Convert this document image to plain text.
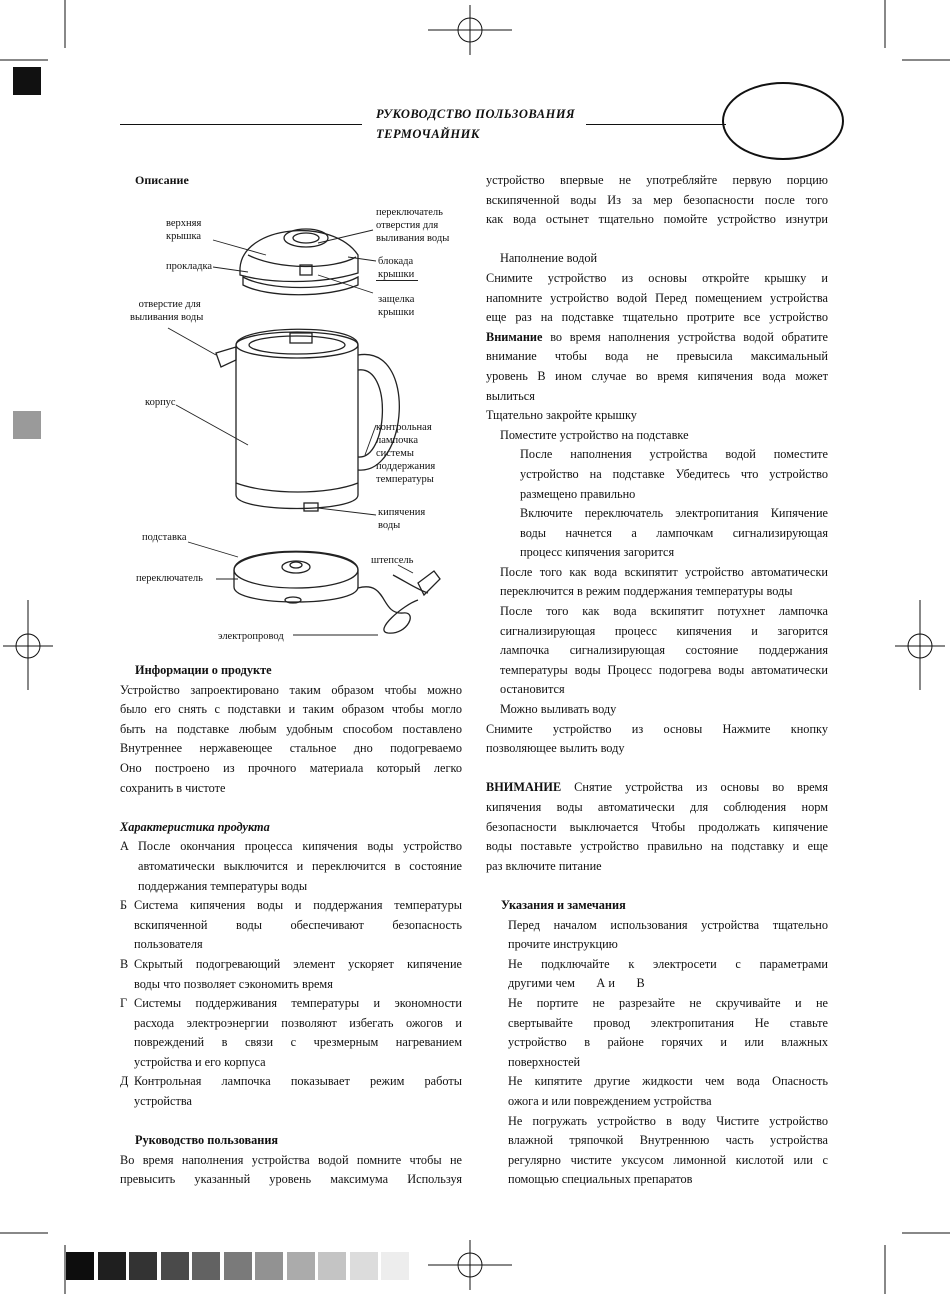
РУКОВОДСТВО ПОЛЬЗОВАНИЯ
ТЕРМОЧАЙНИК
Описание
верхняя
крышка
прокладка
отверстие для
выливания воды
корпус
подставка
переключатель
электропровод
переключатель
отверстия для
выливания воды
блокада
крышки
защелка
крышки
контрольная
лампочка
системы
поддержания
температуры
кипячения
воды
штепсель

Информации о продукте

Устройство запроектировано таким образом чтобы можно

было его снять с подставки и таким образом чтобы могло

быть на подставке любым удобным способом поставлено

Внутреннее нержавеющее стальное дно подогреваемо

Оно построено из прочного материала который легко

сохранить в чистоте

Характеристика продукта

А После окончания процесса кипячения воды устройство

автоматически выключится и переключится в состояние

поддержания температуры воды

Б Система кипячения воды и поддержания температуры

вскипяченной воды обеспечивают безопасность

пользователя

В Скрытый подогревающий элемент ускоряет кипячение

воды что позволяет сэкономить время

Г Системы поддерживания температуры и экономности

расхода электроэнергии позволяют избегать ожогов и

повреждений в связи с чрезмерным нагреванием

устройства и его корпуса

Д Контрольная лампочка показывает режим работы

устройства

Руководство пользования

Во время наполнения устройства водой помните чтобы не

превысить указанный уровень максимума Используя

устройство впервые не употребляйте первую порцию

вскипяченной воды Из за мер безопасности после того

как вода остынет тщательно помойте устройство изнутри

Наполнение водой

Снимите устройство из основы откройте крышку и

напомните устройство водой Перед помещением устройства

еще раз на подставке тщательно протрите все устройство

Внимание во время наполнения устройства водой обратите

внимание чтобы вода не превысила максимальный

уровень В ином случае во время кипячения вода может

вылиться

Тщательно закройте крышку

Поместите устройство на подставке

После наполнения устройства водой поместите

устройство на подставке Убедитесь что устройство

размещено правильно

Включите переключатель электропитания Кипячение

воды начнется а лампочкам сигнализирующая

процесс кипячения загорится

После того как вода вскипятит устройство автоматически

переключится в режим поддержания температуры воды

После того как вода вскипятит потухнет лампочка

сигнализирующая процесс кипячения и загорится

лампочка сигнализирующая состояние поддержания

температуры воды Процесс подогрева воды автоматически

остановится

Можно выливать воду

Снимите устройство из основы Нажмите кнопку

позволяющее вылить воду

ВНИМАНИЕ Снятие устройства из основы во время

кипячения воды автоматически для соблюдения норм

безопасности выключается Чтобы продолжать кипячение

воды поставьте устройство правильно на подставку и еще

раз включите питание

Указания и замечания

Перед началом использования устройства тщательно

прочите инструкцию

Не подключайте к электросети с параметрами

другими чем       А и       В

Не портите не разрезайте не скручивайте и не

свертывайте провод электропитания Не ставьте

устройство в районе горячих и или влажных

поверхностей

Не кипятите другие жидкости чем вода Опасность

ожога и или повреждением устройства

Не погружать устройство в воду Чистите устройство

влажной тряпочкой Внутреннюю часть устройства

регулярно чистите уксусом лимонной кислотой или с

помощью специальных препаратов
